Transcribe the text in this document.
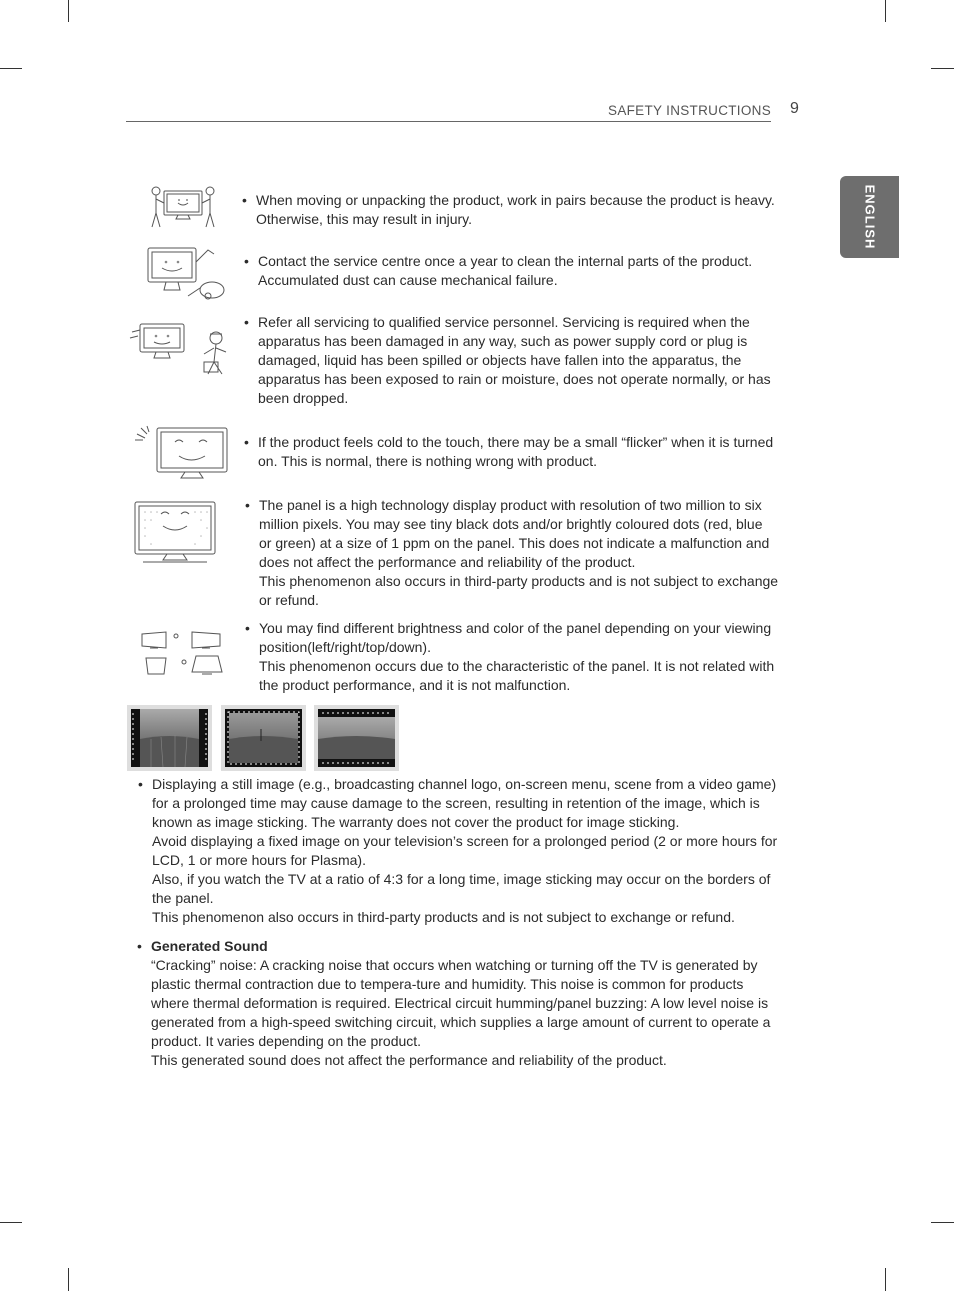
SAFETY INSTRUCTIONS 9
ENGLISH
• When moving or unpacking the product, work in pairs because the product is heavy.

Otherwise, this may result in injury.

• Contact the service centre once a year to clean the internal parts of the product.

Accumulated dust can cause mechanical failure.

• Refer all servicing to qualified service personnel. Servicing is required when the

apparatus has been damaged in any way, such as power supply cord or plug is

damaged, liquid has been spilled or objects have fallen into the apparatus, the

apparatus has been exposed to rain or moisture, does not operate normally, or has

been dropped.

• If the product feels cold to the touch, there may be a small “flicker” when it is turned

on. This is normal, there is nothing wrong with product.

• The panel is a high technology display product with resolution of two million to six

million pixels. You may see tiny black dots and/or brightly coloured dots (red, blue

or green) at a size of 1 ppm on the panel. This does not indicate a malfunction and

does not affect the performance and reliability of the product.

This phenomenon also occurs in third-party products and is not subject to exchange

or refund.

• You may find different brightness and color of the panel depending on your viewing

position(left/right/top/down).

This phenomenon occurs due to the characteristic of the panel. It is not related with

the product performance, and it is not malfunction.

• Displaying a still image (e.g., broadcasting channel logo, on-screen menu, scene from a video game)

for a prolonged time may cause damage to the screen, resulting in retention of the image, which is

known as image sticking. The warranty does not cover the product for image sticking.

Avoid displaying a fixed image on your television’s screen for a prolonged period (2 or more hours for

LCD, 1 or more hours for Plasma).

Also, if you watch the TV at a ratio of 4:3 for a long time, image sticking may occur on the borders of

the panel.

This phenomenon also occurs in third-party products and is not subject to exchange or refund.

• Generated Sound

“Cracking” noise: A cracking noise that occurs when watching or turning off the TV is generated by

plastic thermal contraction due to tempera-ture and humidity. This noise is common for products

where thermal deformation is required. Electrical circuit humming/panel buzzing: A low level noise is

generated from a high-speed switching circuit, which supplies a large amount of current to operate a

product. It varies depending on the product.

This generated sound does not affect the performance and reliability of the product.
